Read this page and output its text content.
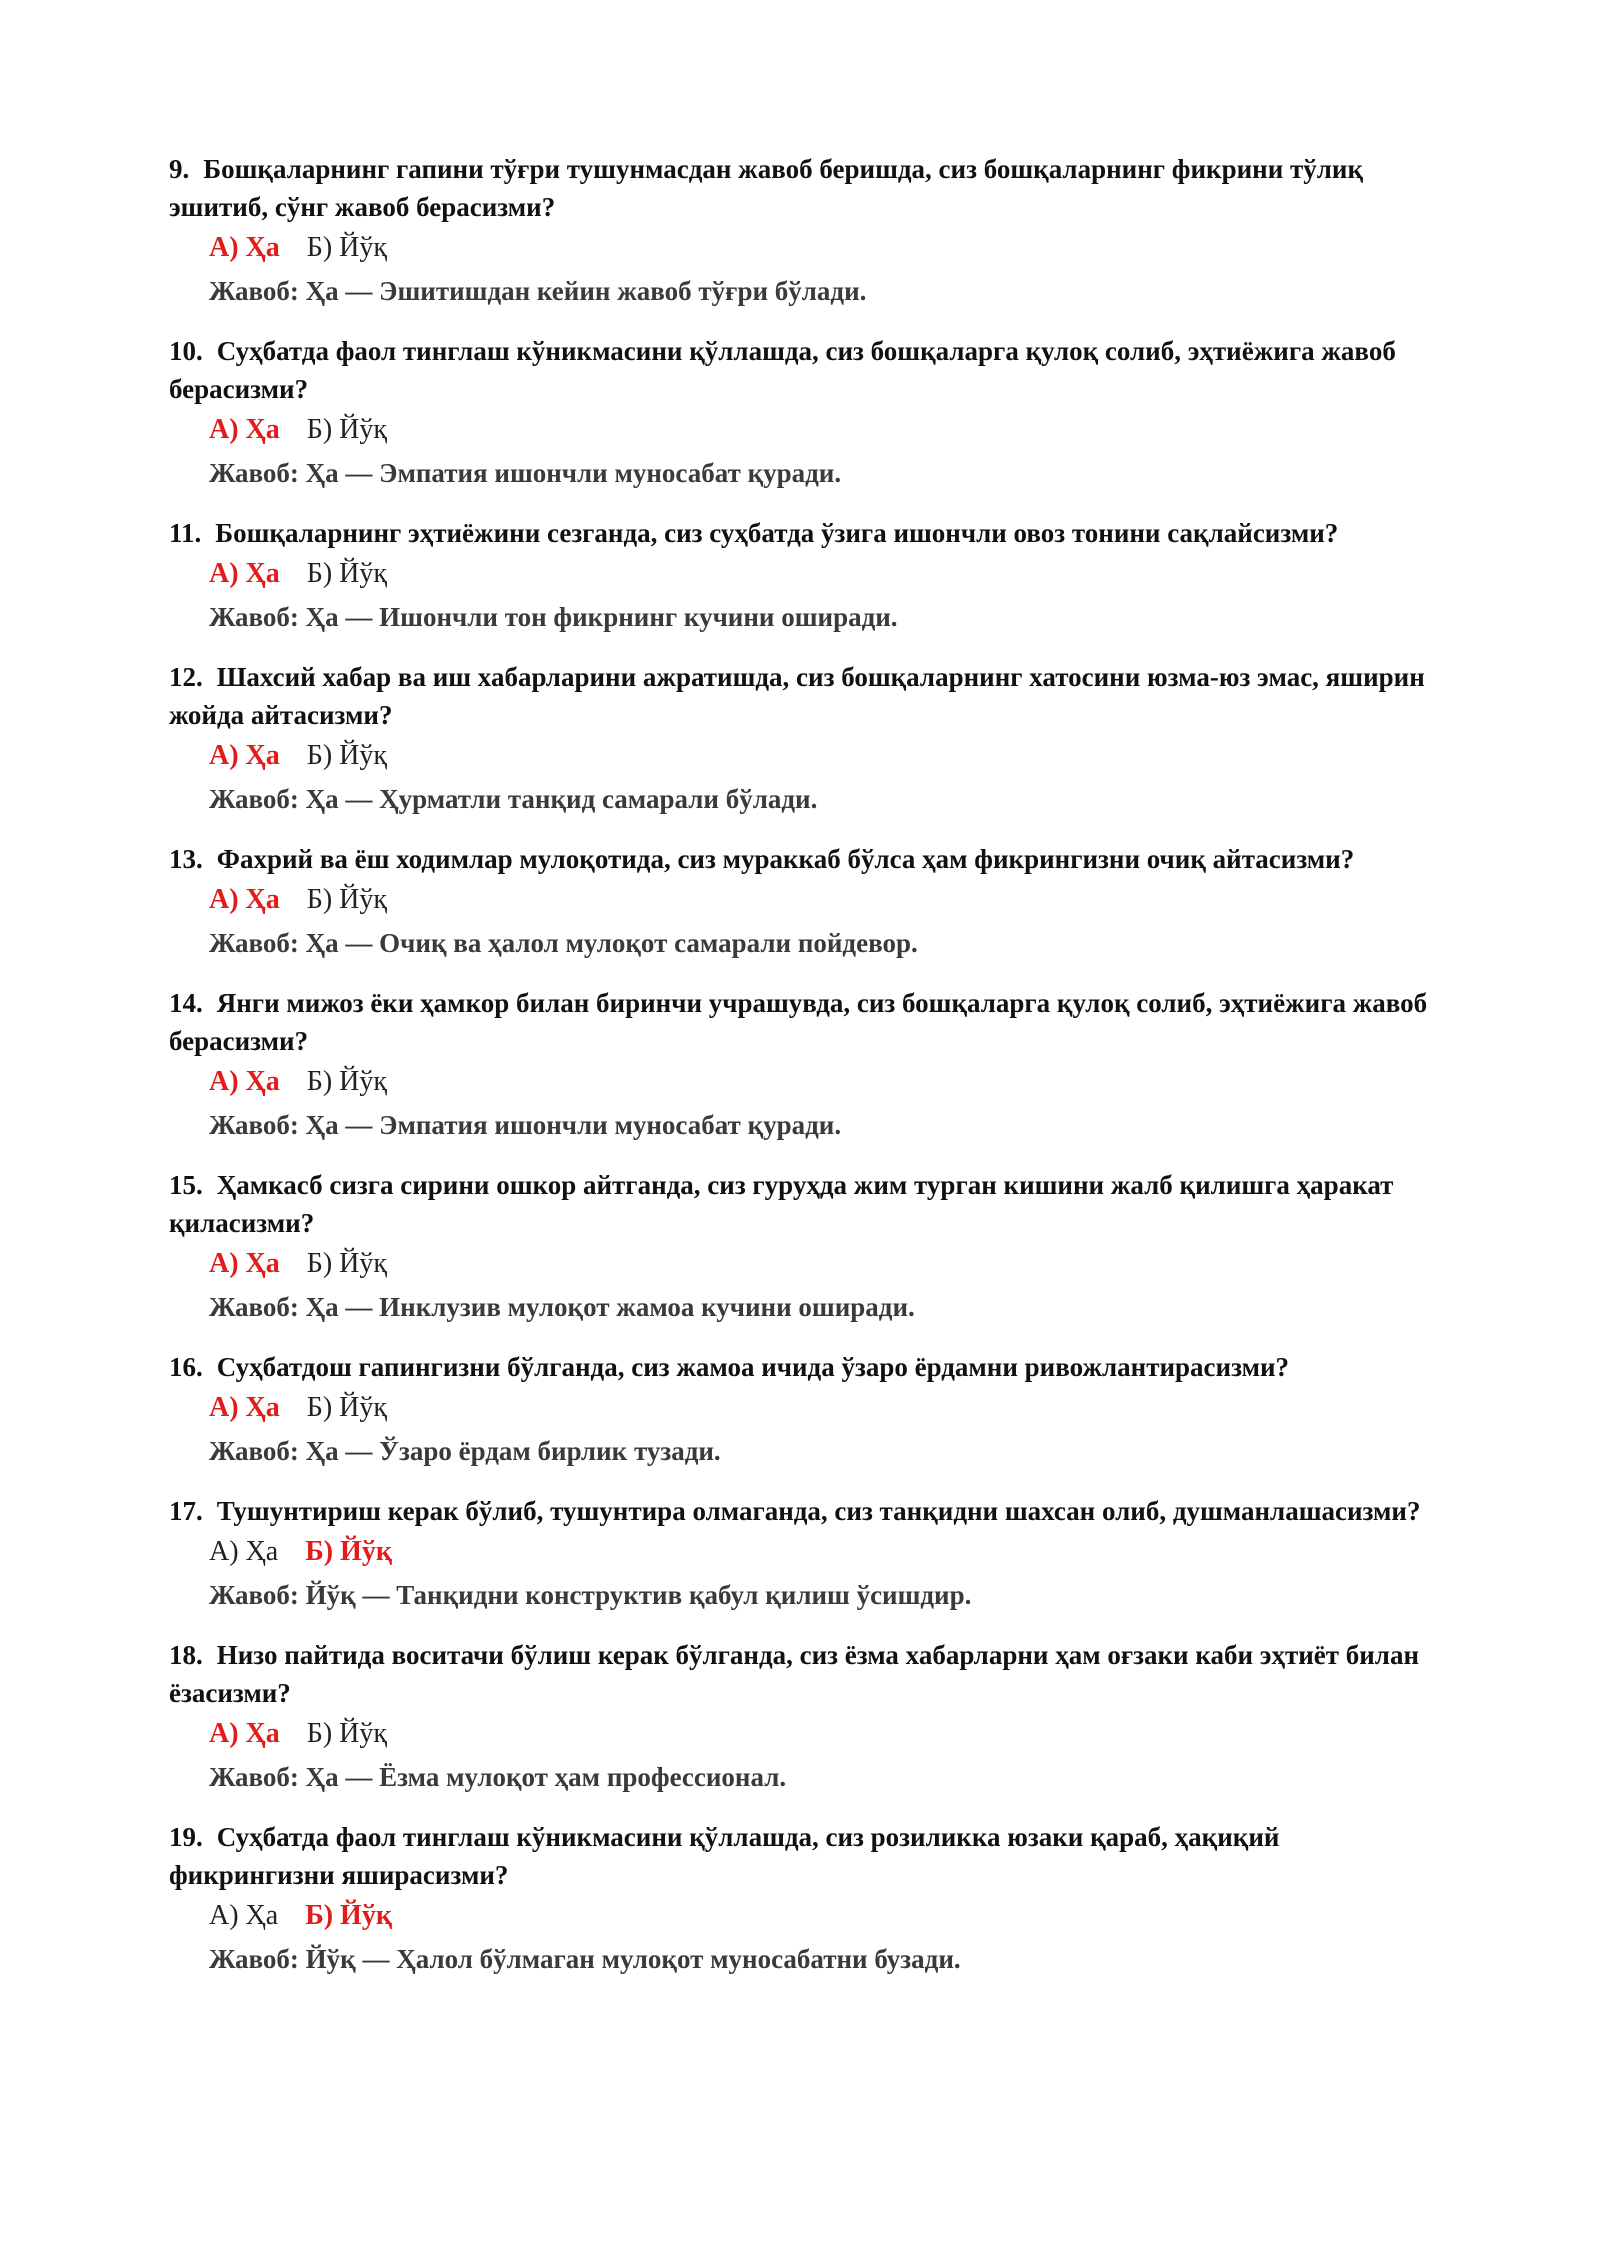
9. Бошқаларнинг гапини тўғри тушунмасдан жавоб беришда, сиз бошқаларнинг фикрини тўлиқ эшитиб, сўнг жавоб берасизми?

А) Ҳа Б) Йўқ
Жавоб: Ҳа — Эшитишдан кейин жавоб тўғри бўлади.

10. Суҳбатда фаол тинглаш кўникмасини қўллашда, сиз бошқаларга қулоқ солиб, эҳтиёжига жавоб берасизми?

А) Ҳа Б) Йўқ
Жавоб: Ҳа — Эмпатия ишончли муносабат қуради.

11. Бошқаларнинг эҳтиёжини сезганда, сиз суҳбатда ўзига ишончли овоз тонини сақлайсизми?

А) Ҳа Б) Йўқ
Жавоб: Ҳа — Ишончли тон фикрнинг кучини оширади.

12. Шахсий хабар ва иш хабарларини ажратишда, сиз бошқаларнинг хатосини юзма-юз эмас, яширин жойда айтасизми?

А) Ҳа Б) Йўқ
Жавоб: Ҳа — Ҳурматли танқид самарали бўлади.

13. Фахрий ва ёш ходимлар мулоқотида, сиз мураккаб бўлса ҳам фикрингизни очиқ айтасизми?

А) Ҳа Б) Йўқ
Жавоб: Ҳа — Очиқ ва ҳалол мулоқот самарали пойдевор.

14. Янги мижоз ёки ҳамкор билан биринчи учрашувда, сиз бошқаларга қулоқ солиб, эҳтиёжига жавоб берасизми?

А) Ҳа Б) Йўқ
Жавоб: Ҳа — Эмпатия ишончли муносабат қуради.

15. Ҳамкасб сизга сирини ошкор айтганда, сиз гуруҳда жим турган кишини жалб қилишга ҳаракат қиласизми?

А) Ҳа Б) Йўқ
Жавоб: Ҳа — Инклузив мулоқот жамоа кучини оширади.

16. Суҳбатдош гапингизни бўлганда, сиз жамоа ичида ўзаро ёрдамни ривожлантирасизми?

А) Ҳа Б) Йўқ
Жавоб: Ҳа — Ўзаро ёрдам бирлик тузади.

17. Тушунтириш керак бўлиб, тушунтира олмаганда, сиз танқидни шахсан олиб, душманлашасизми?

А) Ҳа Б) Йўқ
Жавоб: Йўқ — Танқидни конструктив қабул қилиш ўсишдир.

18. Низо пайтида воситачи бўлиш керак бўлганда, сиз ёзма хабарларни ҳам оғзаки каби эҳтиёт билан ёзасизми?

А) Ҳа Б) Йўқ
Жавоб: Ҳа — Ёзма мулоқот ҳам профессионал.

19. Суҳбатда фаол тинглаш кўникмасини қўллашда, сиз розиликка юзаки қараб, ҳақиқий фикрингизни яширасизми?

А) Ҳа Б) Йўқ
Жавоб: Йўқ — Ҳалол бўлмаган мулоқот муносабатни бузади.
